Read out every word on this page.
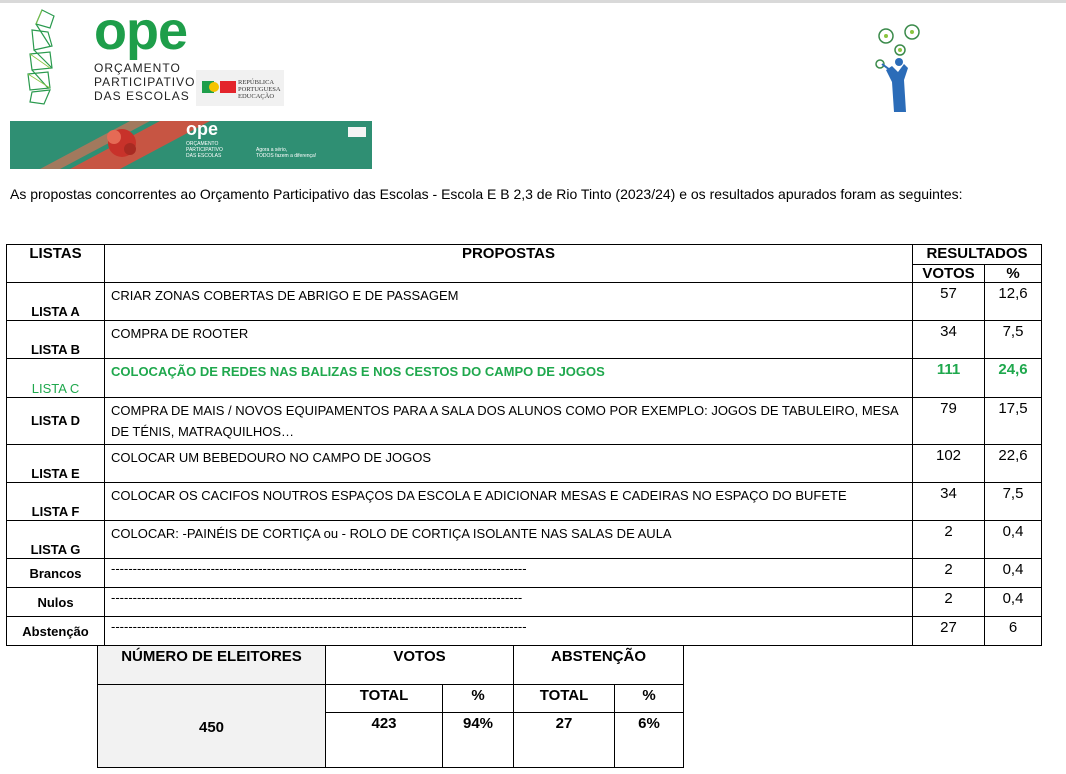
ope
ORÇAMENTO
PARTICIPATIVO
DAS ESCOLAS
REPÚBLICA
PORTUGUESA
EDUCAÇÃO
ope
ORÇAMENTO
PARTICIPATIVO
DAS ESCOLAS
Agora a sério,
TODOS fazem a diferença!
As propostas concorrentes ao Orçamento Participativo das Escolas - Escola E B 2,3 de Rio Tinto (2023/24) e os resultados apurados foram as seguintes:
LISTAS	PROPOSTAS	RESULTADOS	
		VOTOS	%
LISTA A	CRIAR ZONAS COBERTAS DE ABRIGO E DE PASSAGEM	57	12,6
LISTA B	COMPRA DE ROOTER	34	7,5
LISTA C	COLOCAÇÃO DE REDES NAS BALIZAS E NOS CESTOS DO CAMPO DE JOGOS	111	24,6
LISTA D	COMPRA DE MAIS / NOVOS EQUIPAMENTOS PARA A SALA DOS ALUNOS COMO POR EXEMPLO: JOGOS DE TABULEIRO, MESA DE TÉNIS, MATRAQUILHOS…	79	17,5
LISTA E	COLOCAR UM BEBEDOURO NO CAMPO DE JOGOS	102	22,6
LISTA F	COLOCAR OS CACIFOS NOUTROS ESPAÇOS DA ESCOLA E ADICIONAR MESAS E CADEIRAS NO ESPAÇO DO BUFETE	34	7,5
LISTA G	COLOCAR: -PAINÉIS DE CORTIÇA ou - ROLO DE CORTIÇA ISOLANTE NAS SALAS DE AULA	2	0,4
Brancos	------------------------------------------------------------------------------------------------	2	0,4
Nulos	-----------------------------------------------------------------------------------------------	2	0,4
Abstenção	------------------------------------------------------------------------------------------------	27	6
NÚMERO DE ELEITORES	VOTOS		ABSTENÇÃO	
450	TOTAL	%	TOTAL	%
	423	94%	27	6%
